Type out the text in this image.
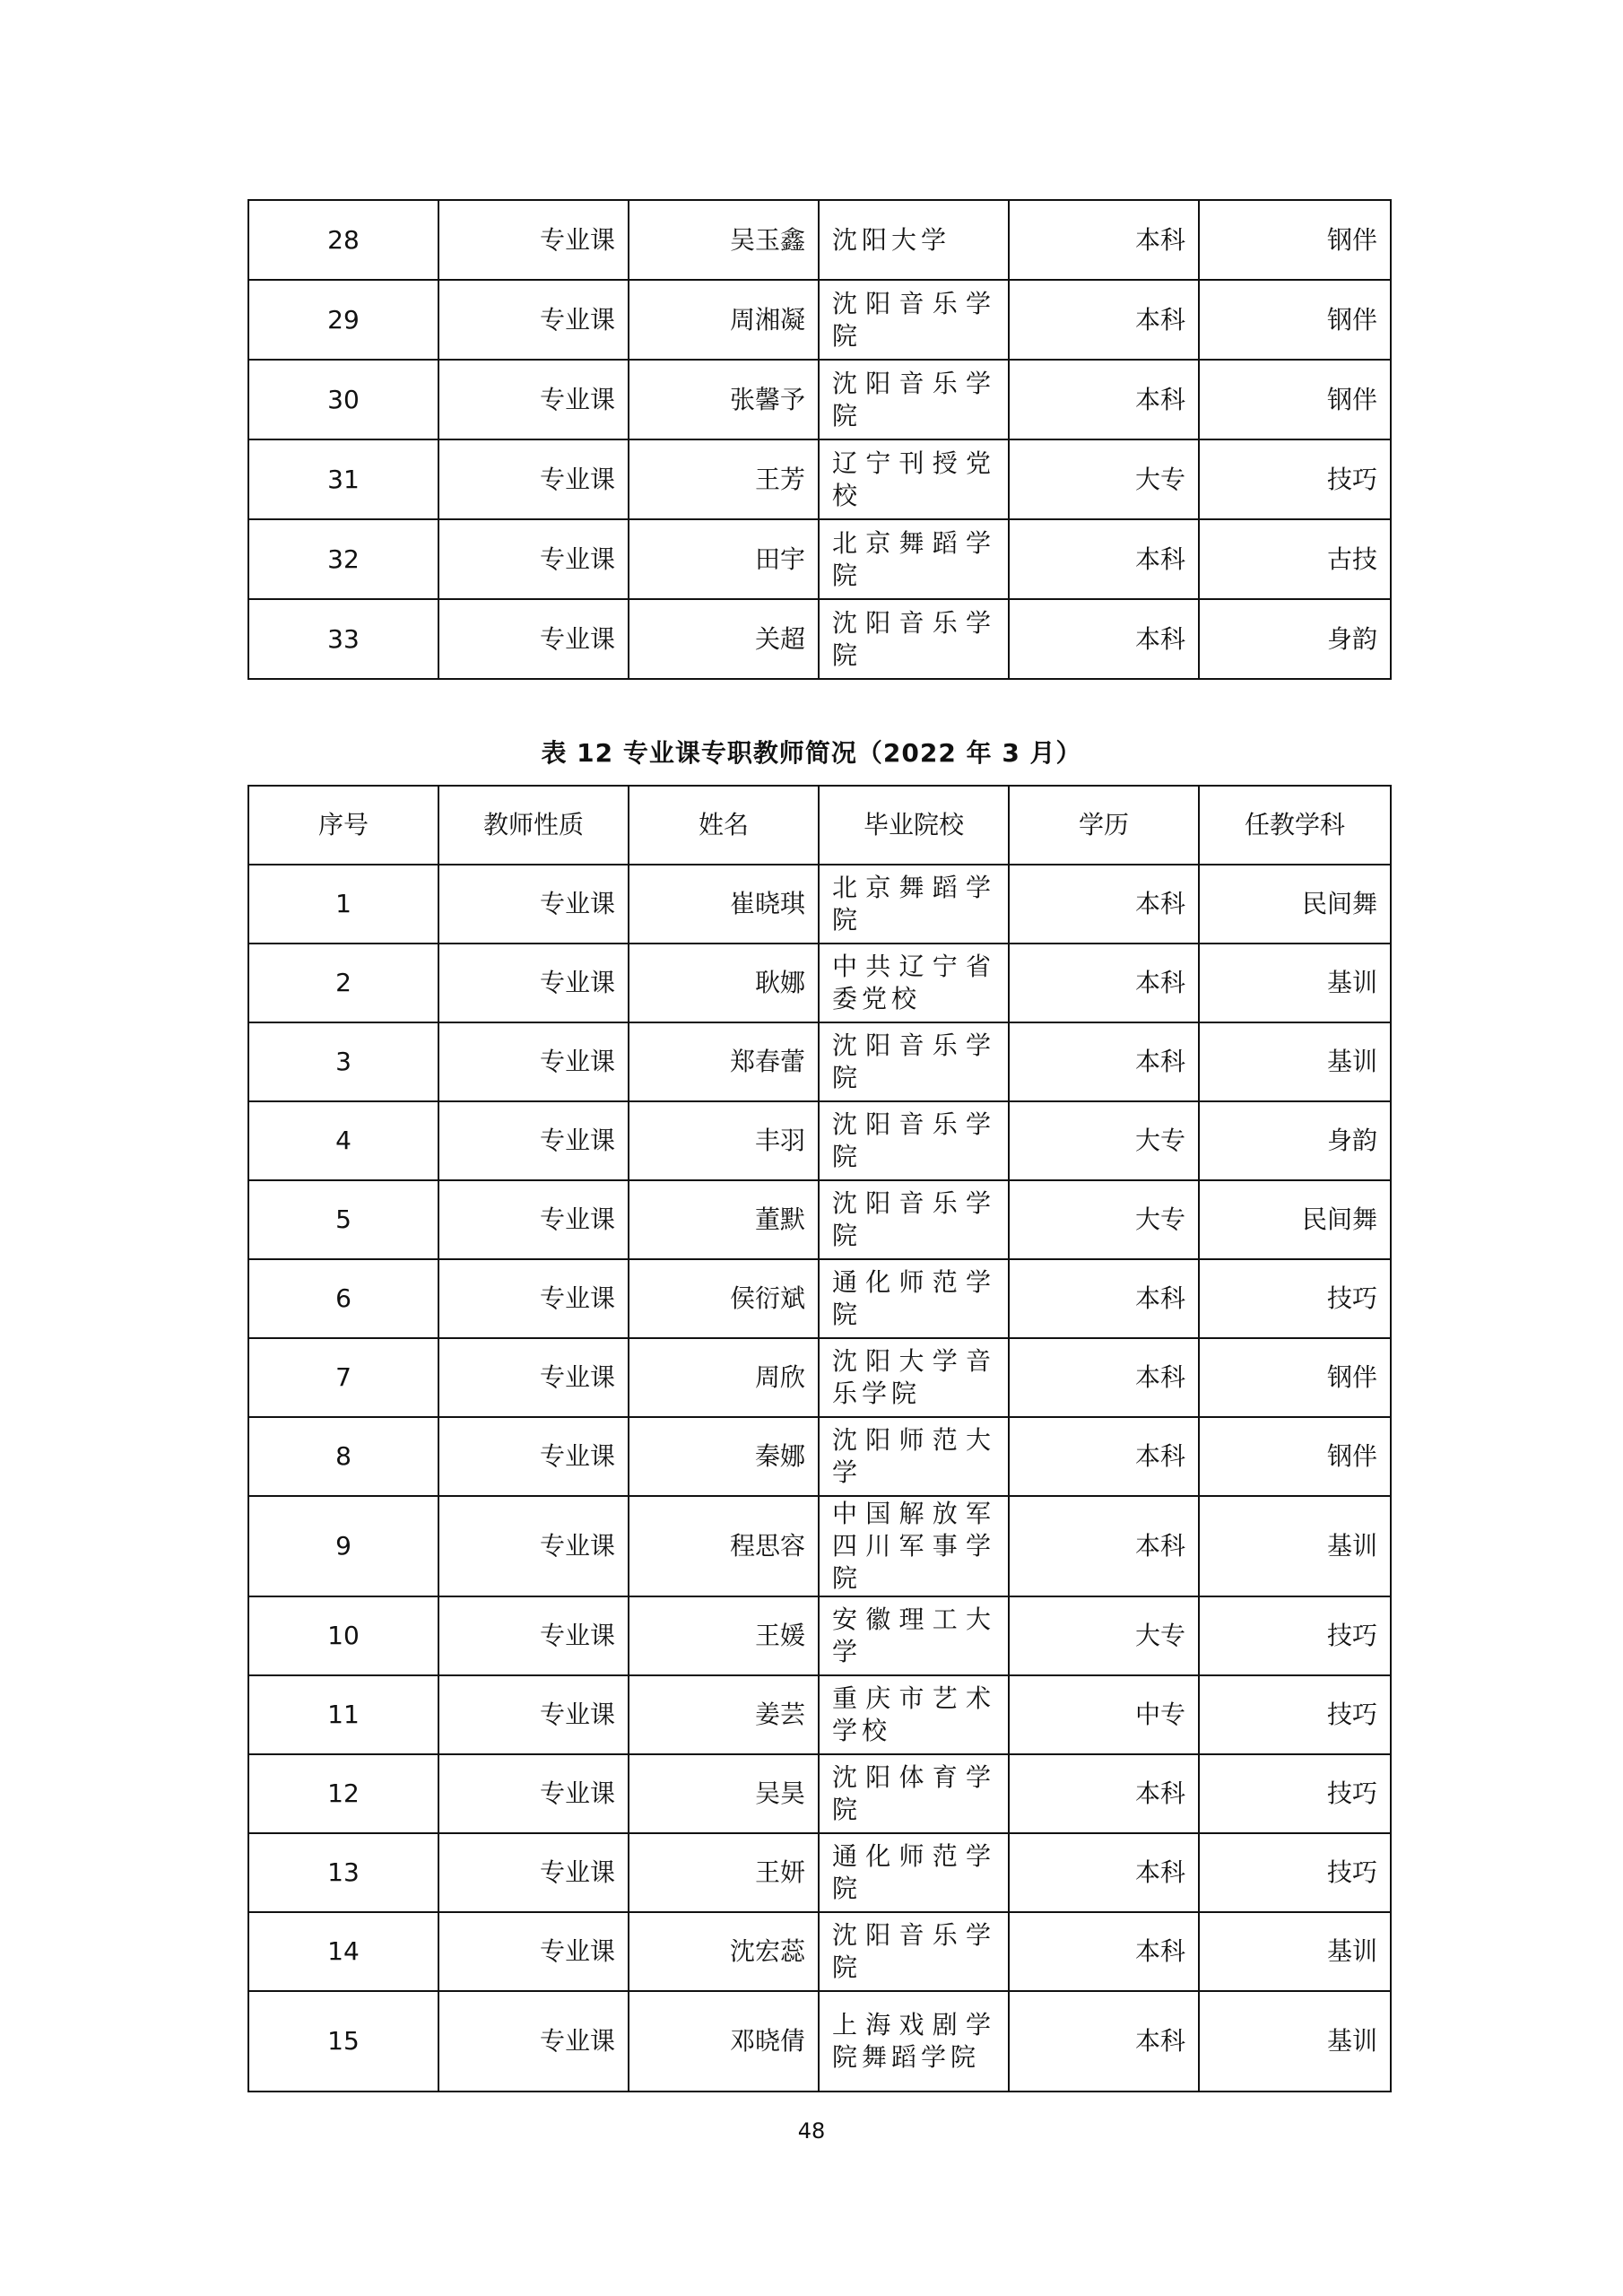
28	专业课	吴玉鑫	沈阳大学	本科	钢伴
29	专业课	周湘凝	沈阳音乐学院	本科	钢伴
30	专业课	张馨予	沈阳音乐学院	本科	钢伴
31	专业课	王芳	辽宁刊授党校	大专	技巧
32	专业课	田宇	北京舞蹈学院	本科	古技
33	专业课	关超	沈阳音乐学院	本科	身韵
表 12 专业课专职教师简况（2022 年 3 月）
序号	教师性质	姓名	毕业院校	学历	任教学科
1	专业课	崔晓琪	北京舞蹈学院	本科	民间舞
2	专业课	耿娜	中共辽宁省委党校	本科	基训
3	专业课	郑春蕾	沈阳音乐学院	本科	基训
4	专业课	丰羽	沈阳音乐学院	大专	身韵
5	专业课	董默	沈阳音乐学院	大专	民间舞
6	专业课	侯衍斌	通化师范学院	本科	技巧
7	专业课	周欣	沈阳大学音乐学院	本科	钢伴
8	专业课	秦娜	沈阳师范大学	本科	钢伴
9	专业课	程思容	中国解放军四川军事学院	本科	基训
10	专业课	王媛	安徽理工大学	大专	技巧
11	专业课	姜芸	重庆市艺术学校	中专	技巧
12	专业课	吴昊	沈阳体育学院	本科	技巧
13	专业课	王妍	通化师范学院	本科	技巧
14	专业课	沈宏蕊	沈阳音乐学院	本科	基训
15	专业课	邓晓倩	上海戏剧学院舞蹈学院	本科	基训
48
